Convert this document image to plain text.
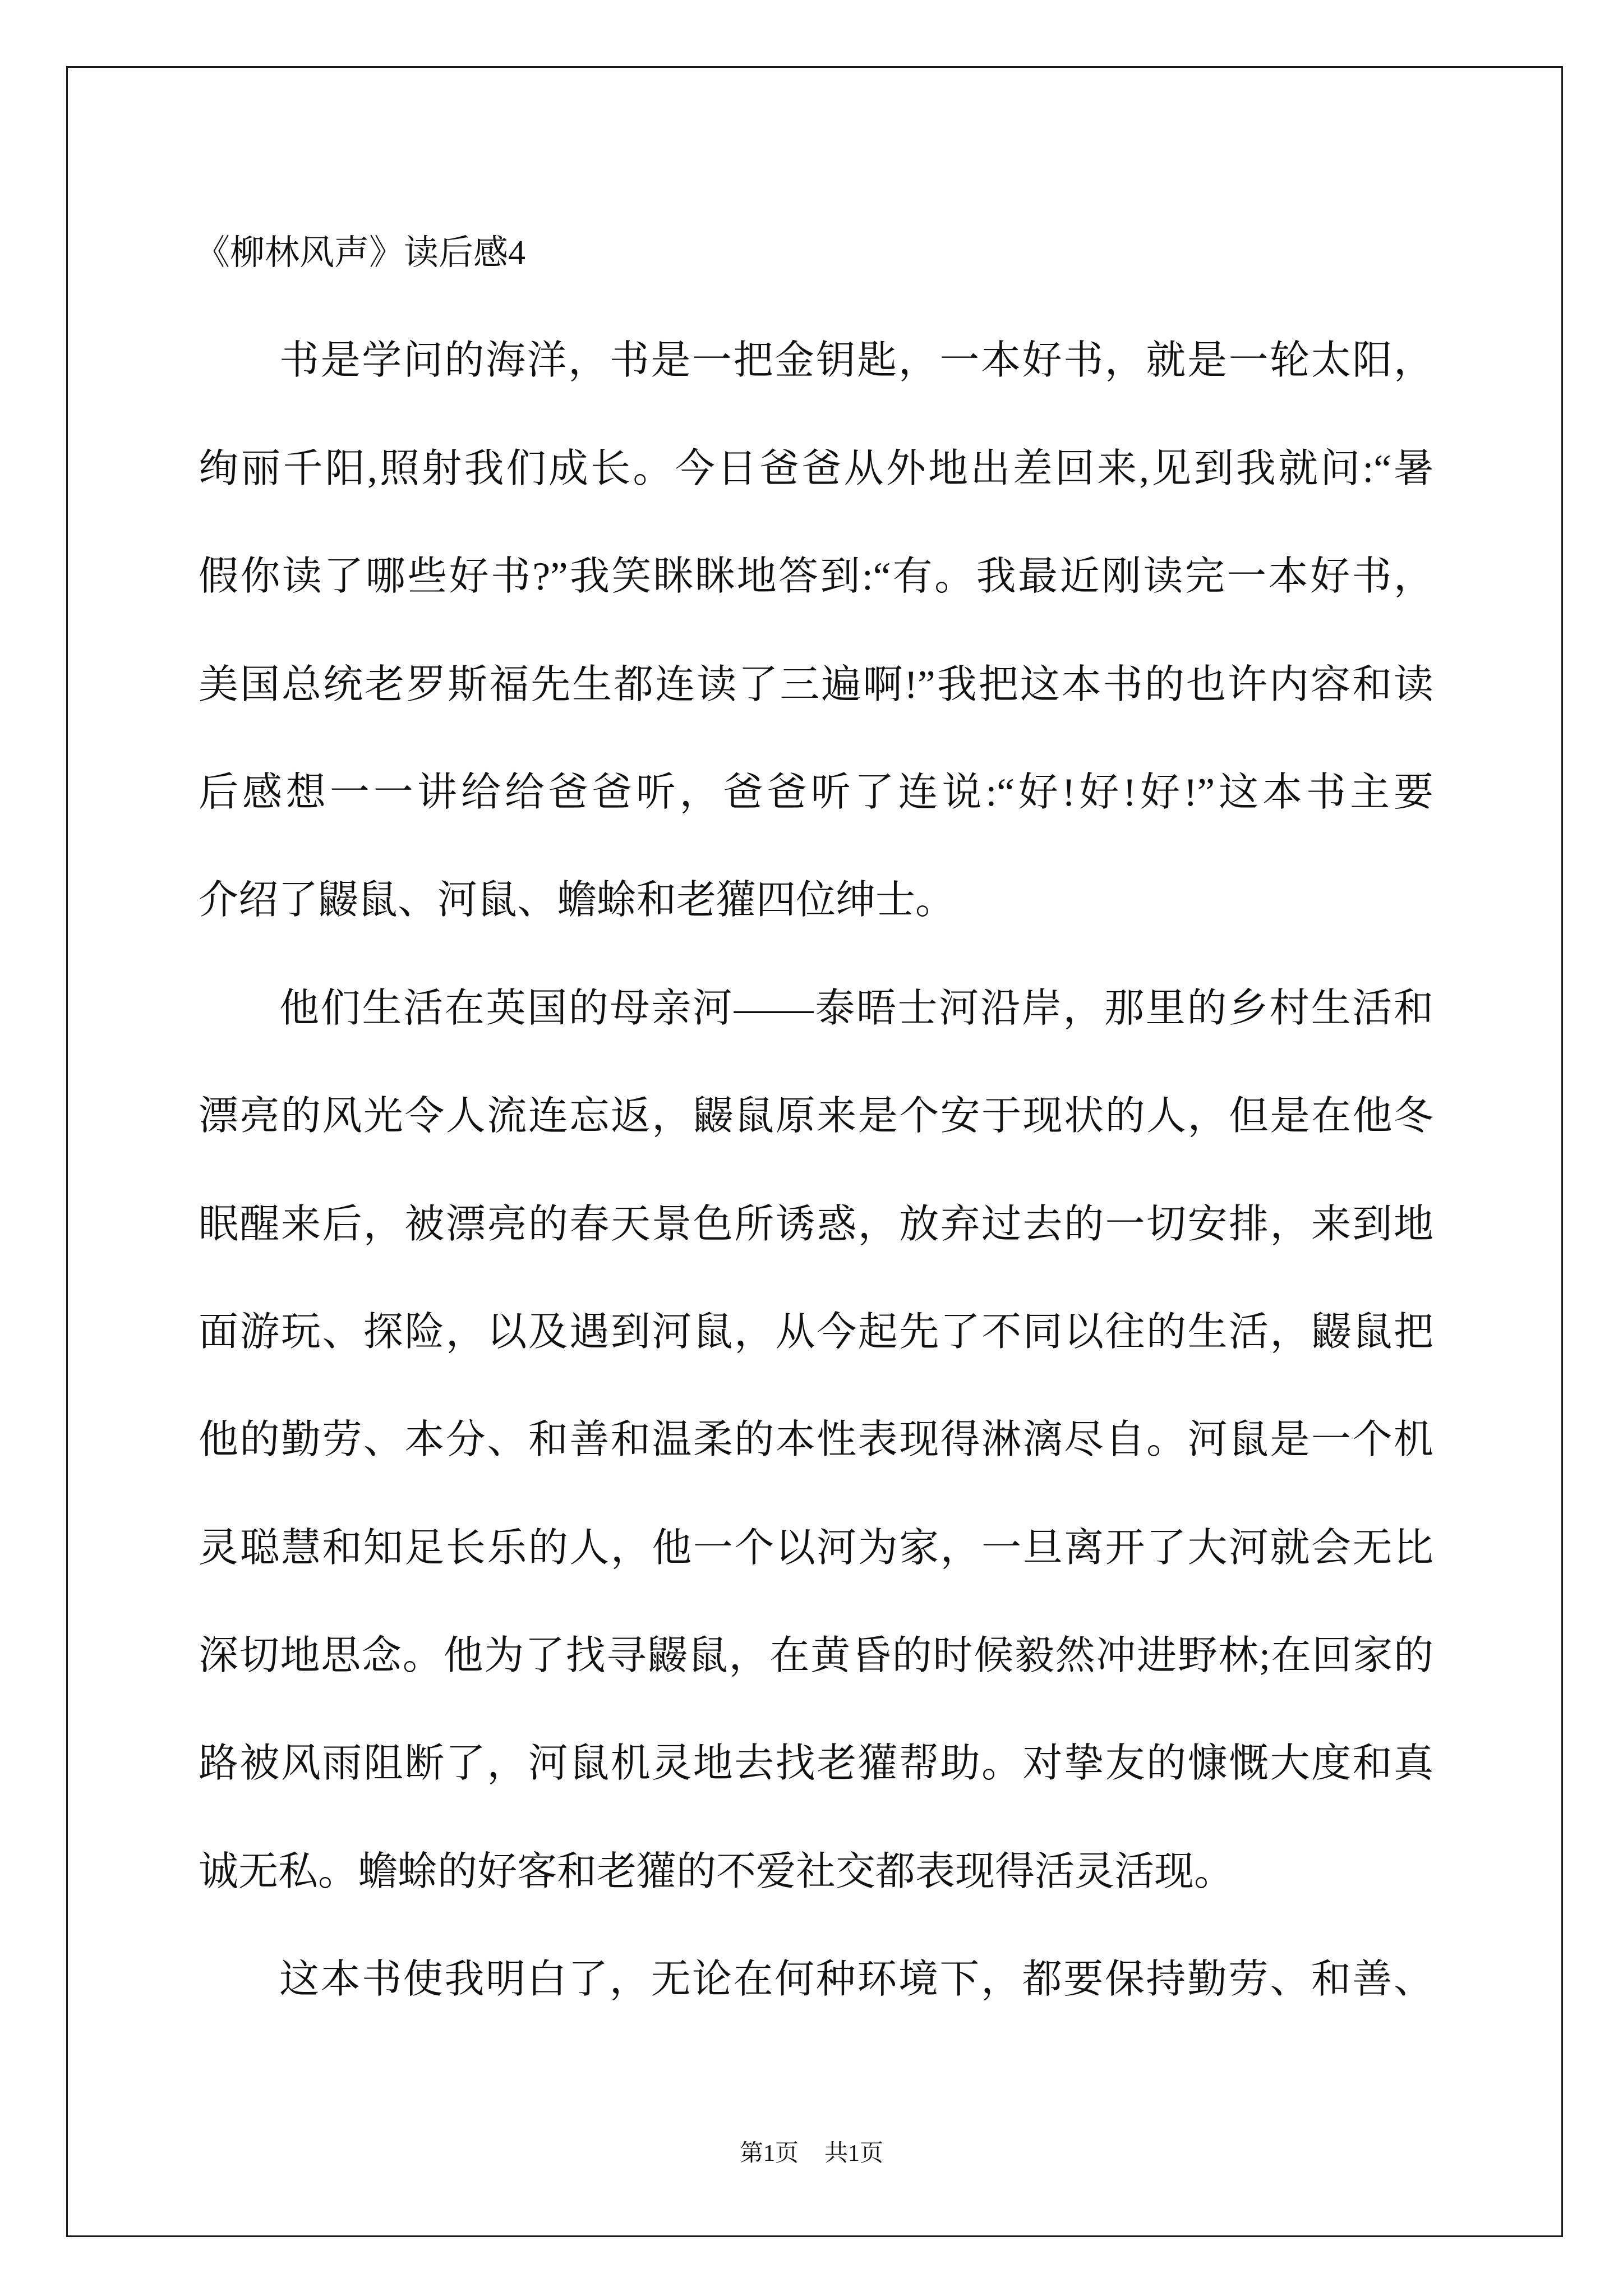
《柳林风声》读后感4
书是学问的海洋，书是一把金钥匙，一本好书，就是一轮太阳，
绚丽千阳,照射我们成长。今日爸爸从外地出差回来,见到我就问:“暑
假你读了哪些好书?”我笑眯眯地答到:“有。我最近刚读完一本好书，
美国总统老罗斯福先生都连读了三遍啊!”我把这本书的也许内容和读
后感想一一讲给给爸爸听，爸爸听了连说:“好!好!好!”这本书主要
介绍了鼹鼠、河鼠、蟾蜍和老獾四位绅士。
他们生活在英国的母亲河——泰晤士河沿岸，那里的乡村生活和
漂亮的风光令人流连忘返，鼹鼠原来是个安于现状的人，但是在他冬
眠醒来后，被漂亮的春天景色所诱惑，放弃过去的一切安排，来到地
面游玩、探险，以及遇到河鼠，从今起先了不同以往的生活，鼹鼠把
他的勤劳、本分、和善和温柔的本性表现得淋漓尽自。河鼠是一个机
灵聪慧和知足长乐的人，他一个以河为家，一旦离开了大河就会无比
深切地思念。他为了找寻鼹鼠，在黄昏的时候毅然冲进野林;在回家的
路被风雨阻断了，河鼠机灵地去找老獾帮助。对挚友的慷慨大度和真
诚无私。蟾蜍的好客和老獾的不爱社交都表现得活灵活现。
这本书使我明白了，无论在何种环境下，都要保持勤劳、和善、
第1页 共1页
